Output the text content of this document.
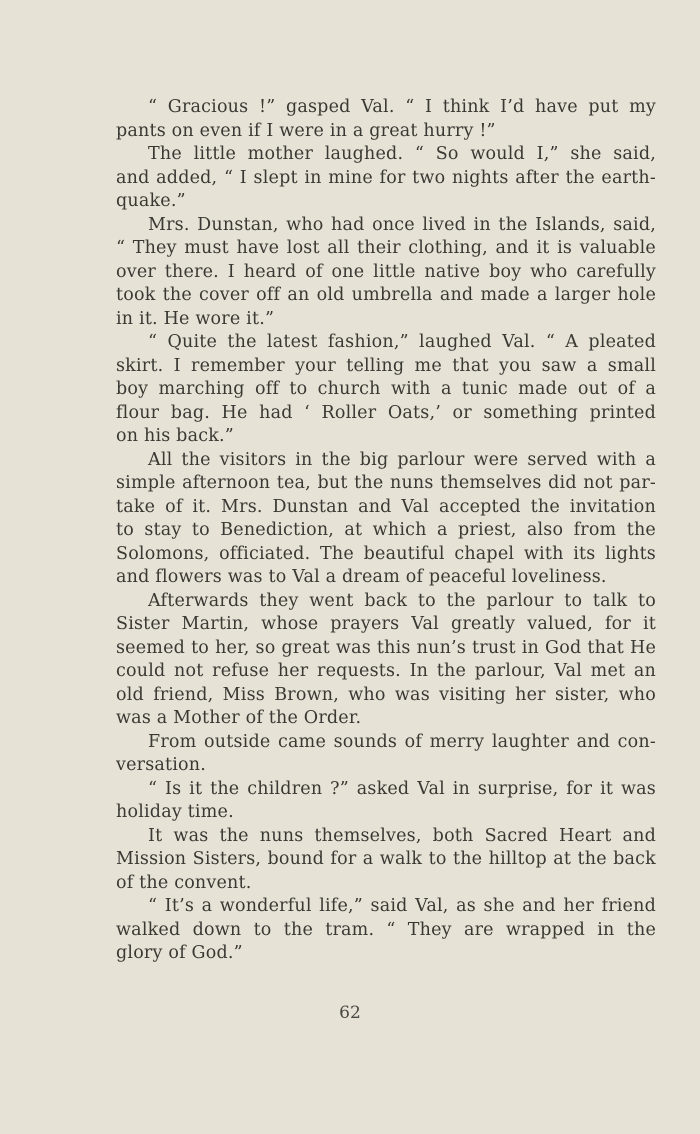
“ Gracious !” gasped Val. “ I think I’d have put my
pants on even if I were in a great hurry !”
The little mother laughed. “ So would I,” she said,
and added, “ I slept in mine for two nights after the earth-
quake.”
Mrs. Dunstan, who had once lived in the Islands, said,
“ They must have lost all their clothing, and it is valuable
over there. I heard of one little native boy who carefully
took the cover off an old umbrella and made a larger hole
in it. He wore it.”
“ Quite the latest fashion,” laughed Val. “ A pleated
skirt. I remember your telling me that you saw a small
boy marching off to church with a tunic made out of a
flour bag. He had ‘ Roller Oats,’ or something printed
on his back.”
All the visitors in the big parlour were served with a
simple afternoon tea, but the nuns themselves did not par-
take of it. Mrs. Dunstan and Val accepted the invitation
to stay to Benediction, at which a priest, also from the
Solomons, officiated. The beautiful chapel with its lights
and flowers was to Val a dream of peaceful loveliness.
Afterwards they went back to the parlour to talk to
Sister Martin, whose prayers Val greatly valued, for it
seemed to her, so great was this nun’s trust in God that He
could not refuse her requests. In the parlour, Val met an
old friend, Miss Brown, who was visiting her sister, who
was a Mother of the Order.
From outside came sounds of merry laughter and con-
versation.
“ Is it the children ?” asked Val in surprise, for it was
holiday time.
It was the nuns themselves, both Sacred Heart and
Mission Sisters, bound for a walk to the hilltop at the back
of the convent.
“ It’s a wonderful life,” said Val, as she and her friend
walked down to the tram. “ They are wrapped in the
glory of God.”
62
